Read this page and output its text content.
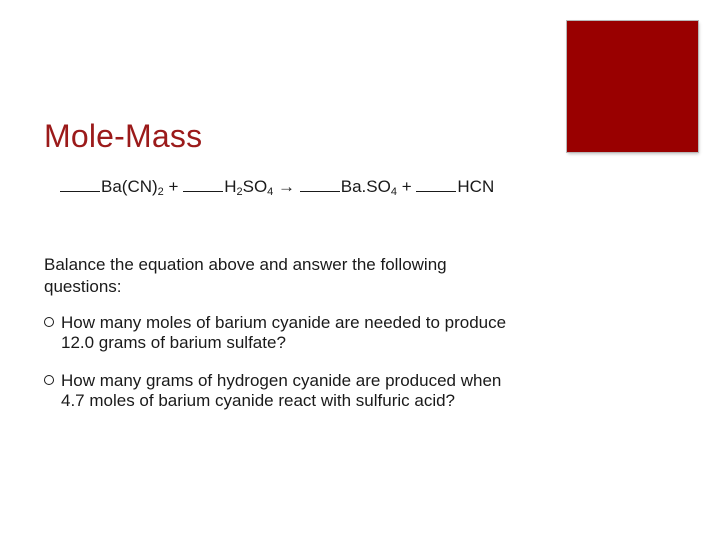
Mole-Mass
$Ba(CN)_2$ +	$H_2SO_4$ →	$Ba.SO_4$ +	HCN
Balance the equation above and answer the following questions:
How many moles of barium cyanide are needed to produce 12.0 grams of barium sulfate?
How many grams of hydrogen cyanide are produced when 4.7 moles of barium cyanide react with sulfuric acid?
